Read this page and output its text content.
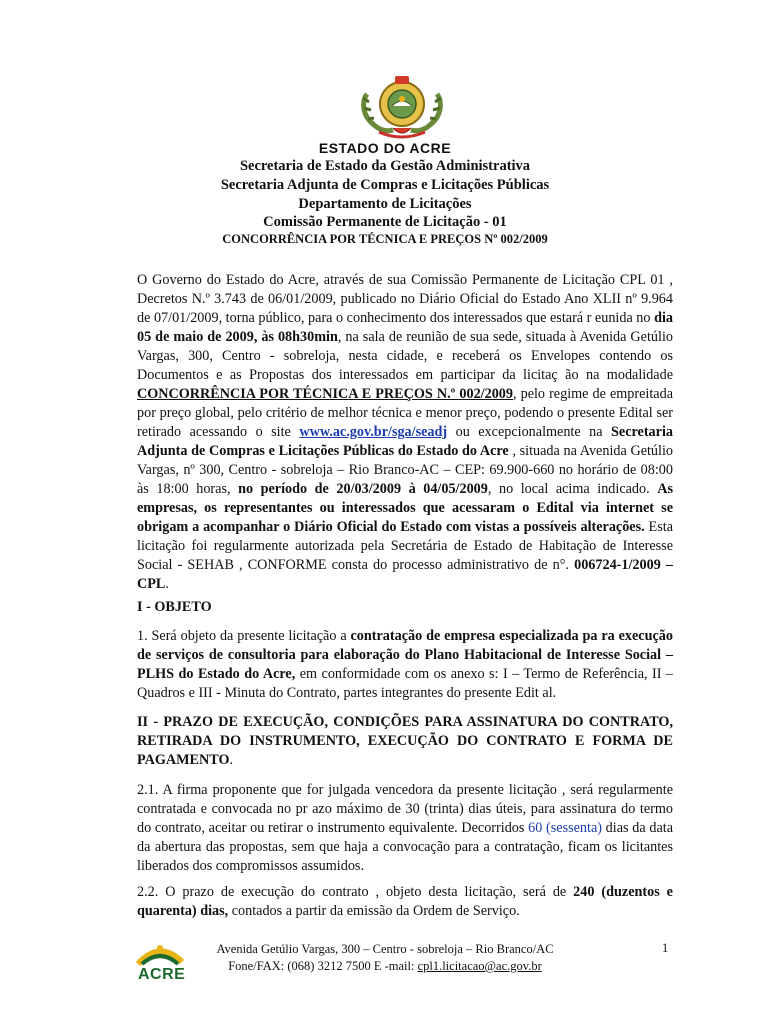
ESTADO DO ACRE
Secretaria de Estado da Gestão Administrativa
Secretaria Adjunta de Compras e Licitações Públicas
Departamento de Licitações
Comissão Permanente de Licitação - 01
CONCORRÊNCIA POR TÉCNICA E PREÇOS Nº 002/2009
O Governo do Estado do Acre, através de sua Comissão Permanente de Licitação CPL 01 , Decretos N.º 3.743 de 06/01/2009, publicado no Diário Oficial do Estado Ano XLII nº 9.964 de 07/01/2009, torna público, para o conhecimento dos interessados que estará r eunida no dia 05 de maio de 2009, às 08h30min, na sala de reunião de sua sede, situada à Avenida Getúlio Vargas, 300, Centro - sobreloja, nesta cidade, e receberá os Envelopes contendo os Documentos e as Propostas dos interessados em participar da licitaç ão na modalidade CONCORRÊNCIA POR TÉCNICA E PREÇOS N.º 002/2009, pelo regime de empreitada por preço global, pelo critério de melhor técnica e menor preço, podendo o presente Edital ser retirado acessando o site www.ac.gov.br/sga/seadj ou excepcionalmente na Secretaria Adjunta de Compras e Licitações Públicas do Estado do Acre , situada na Avenida Getúlio Vargas, nº 300, Centro - sobreloja – Rio Branco-AC – CEP: 69.900-660 no horário de 08:00 às 18:00 horas, no período de 20/03/2009 à 04/05/2009, no local acima indicado. As empresas, os representantes ou interessados que acessaram o Edital via internet se obrigam a acompanhar o Diário Oficial do Estado com vistas a possíveis alterações. Esta licitação foi regularmente autorizada pela Secretária de Estado de Habitação de Interesse Social - SEHAB , CONFORME consta do processo administrativo de n°. 006724-1/2009 – CPL.
I - OBJETO
1. Será objeto da presente licitação a contratação de empresa especializada pa ra execução de serviços de consultoria para elaboração do Plano Habitacional de Interesse Social – PLHS do Estado do Acre, em conformidade com os anexo s: I – Termo de Referência, II – Quadros e III - Minuta do Contrato, partes integrantes do presente Edit al.
II - PRAZO DE EXECUÇÃO, CONDIÇÕES PARA ASSINATURA DO CONTRATO, RETIRADA DO INSTRUMENTO, EXECUÇÃO DO CONTRATO E FORMA DE PAGAMENTO.
2.1. A firma proponente que for julgada vencedora da presente licitação , será regularmente contratada e convocada no pr azo máximo de 30 (trinta) dias úteis, para assinatura do termo do contrato, aceitar ou retirar o instrumento equivalente. Decorridos 60 (sessenta) dias da data da abertura das propostas, sem que haja a convocação para a contratação, ficam os licitantes liberados dos compromissos assumidos.
2.2. O prazo de execução do contrato , objeto desta licitação, será de 240 (duzentos e quarenta) dias, contados a partir da emissão da Ordem de Serviço.
ACRE
Avenida Getúlio Vargas, 300 – Centro - sobreloja – Rio Branco/AC
Fone/FAX: (068) 3212 7500 E -mail: cpl1.licitacao@ac.gov.br
1
